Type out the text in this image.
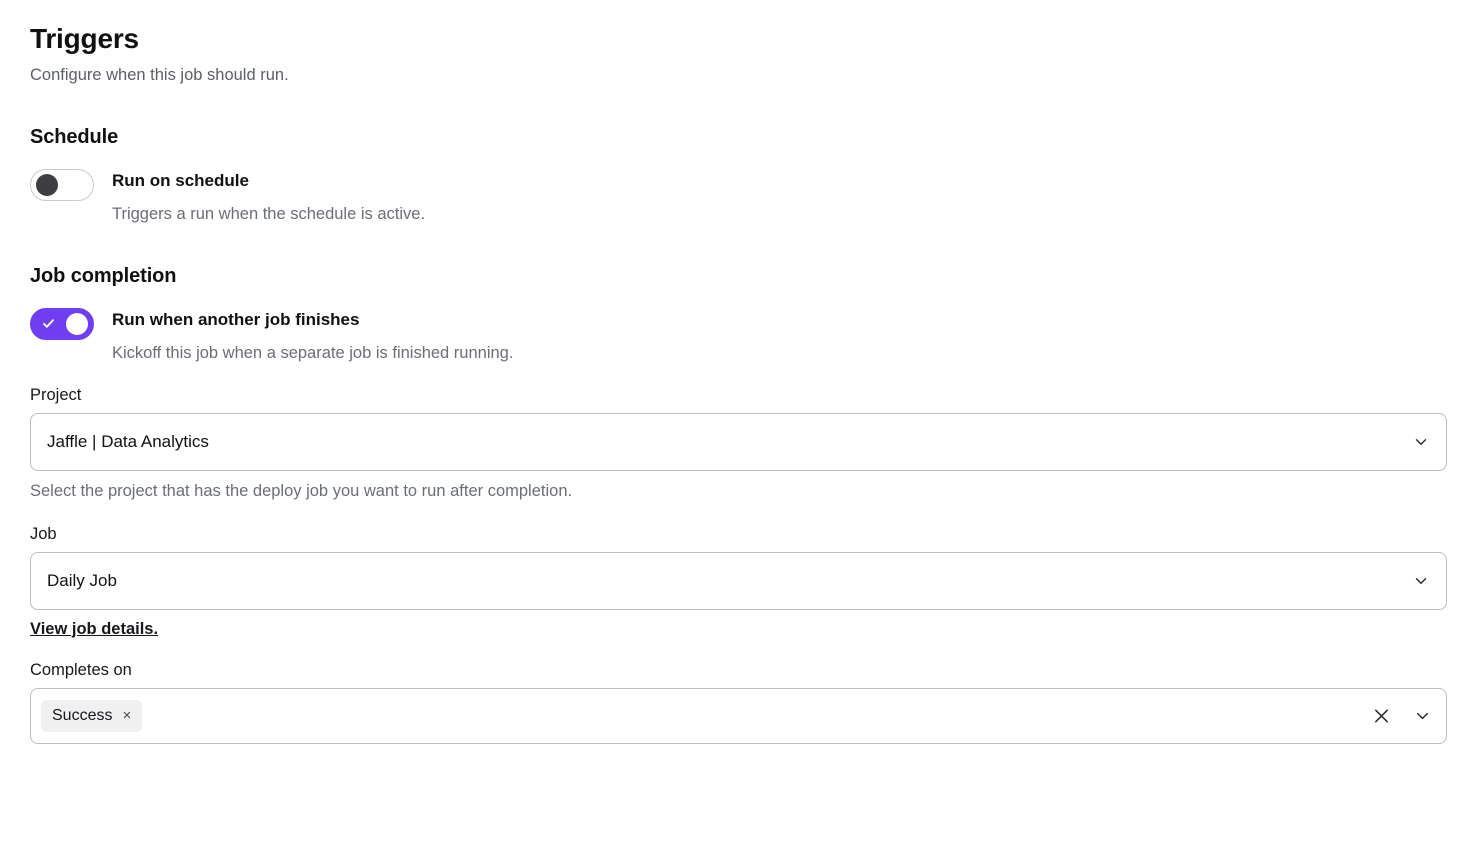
Triggers

Configure when this job should run.

Schedule

Run on schedule

Triggers a run when the schedule is active.

Job completion

Run when another job finishes

Kickoff this job when a separate job is finished running.

Project

Jaffle | Data Analytics

Select the project that has the deploy job you want to run after completion.

Job

Daily Job
View job details.

Completes on

Success ×
